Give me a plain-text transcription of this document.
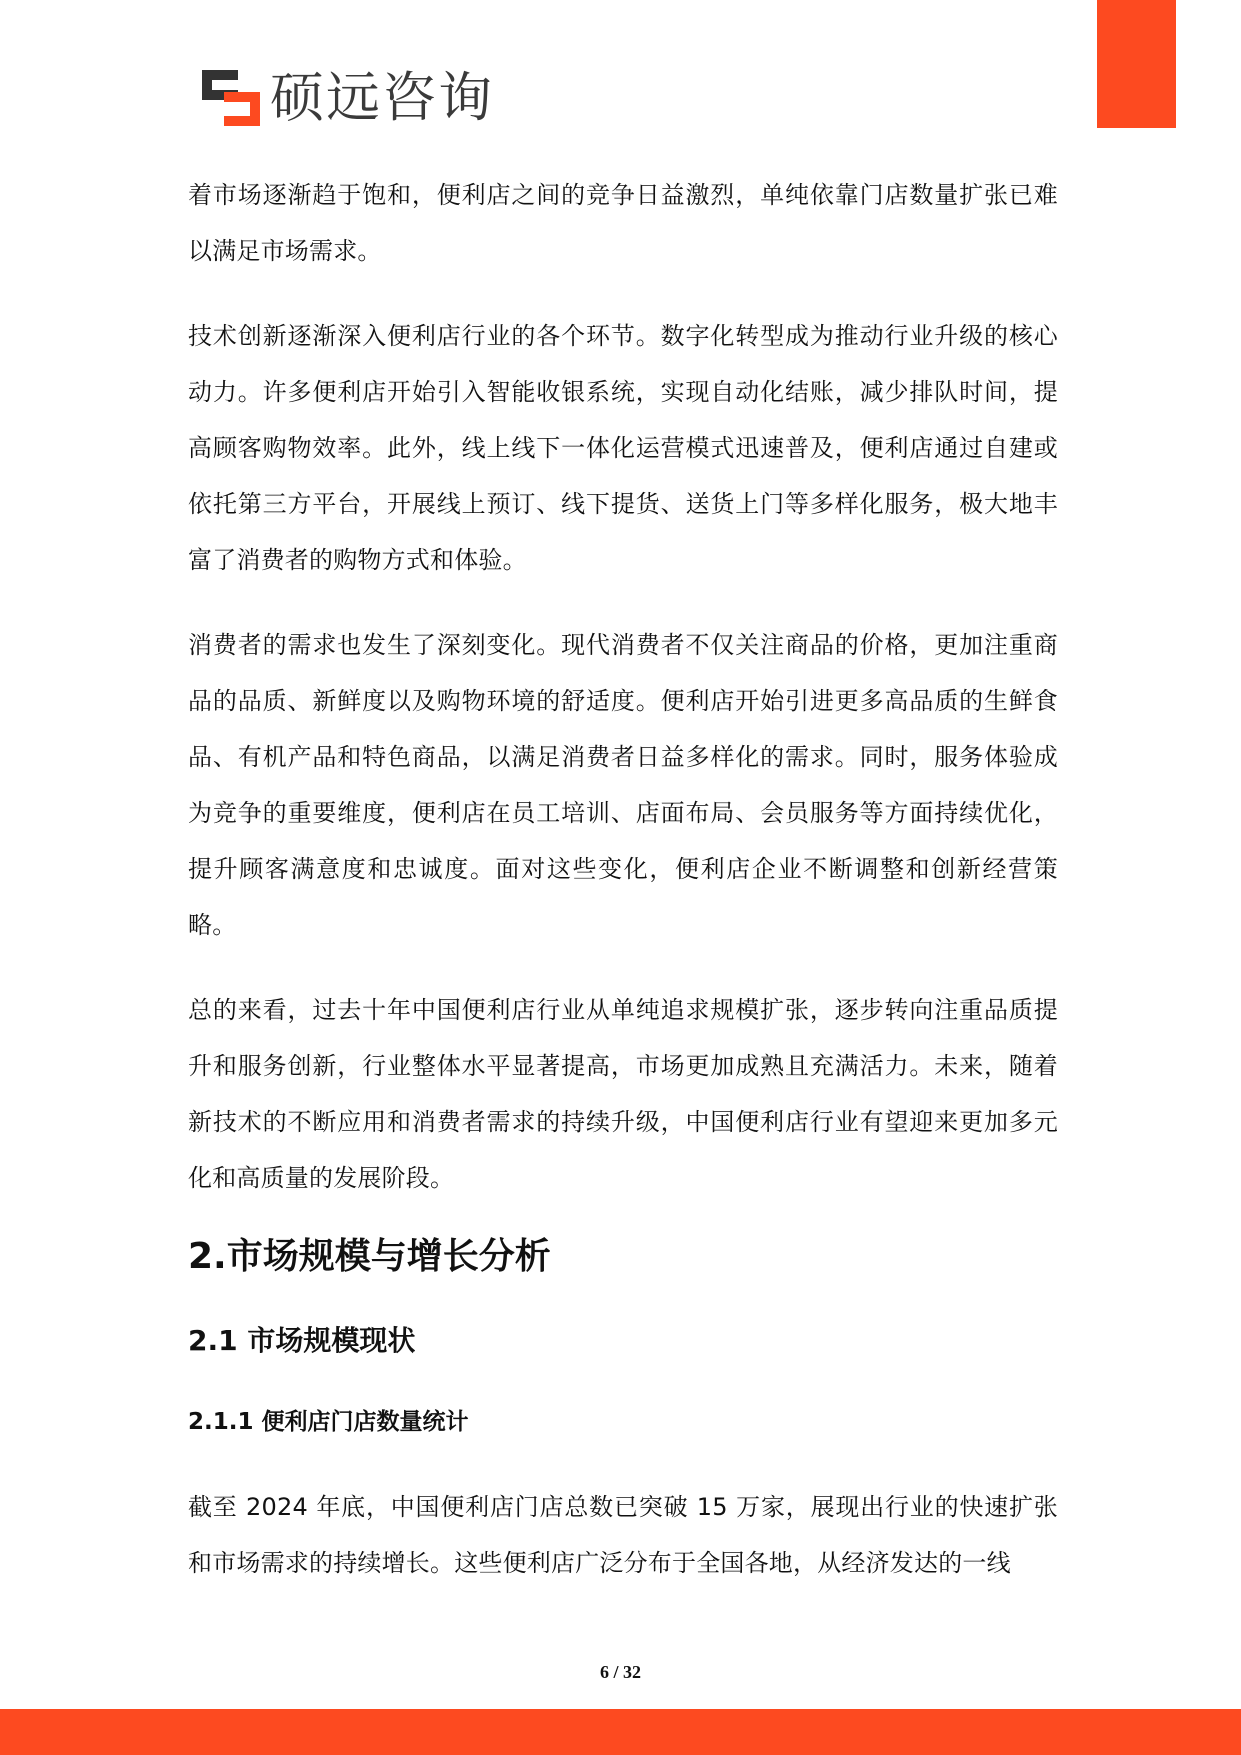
硕远咨询

着市场逐渐趋于饱和，便利店之间的竞争日益激烈，单纯依靠门店数量扩张已难以满足市场需求。

技术创新逐渐深入便利店行业的各个环节。数字化转型成为推动行业升级的核心动力。许多便利店开始引入智能收银系统，实现自动化结账，减少排队时间，提高顾客购物效率。此外，线上线下一体化运营模式迅速普及，便利店通过自建或依托第三方平台，开展线上预订、线下提货、送货上门等多样化服务，极大地丰富了消费者的购物方式和体验。

消费者的需求也发生了深刻变化。现代消费者不仅关注商品的价格，更加注重商品的品质、新鲜度以及购物环境的舒适度。便利店开始引进更多高品质的生鲜食品、有机产品和特色商品，以满足消费者日益多样化的需求。同时，服务体验成为竞争的重要维度，便利店在员工培训、店面布局、会员服务等方面持续优化，提升顾客满意度和忠诚度。面对这些变化，便利店企业不断调整和创新经营策略。

总的来看，过去十年中国便利店行业从单纯追求规模扩张，逐步转向注重品质提升和服务创新，行业整体水平显著提高，市场更加成熟且充满活力。未来，随着新技术的不断应用和消费者需求的持续升级，中国便利店行业有望迎来更加多元化和高质量的发展阶段。

2.市场规模与增长分析
2.1 市场规模现状
2.1.1 便利店门店数量统计

截至 2024 年底，中国便利店门店总数已突破 15 万家，展现出行业的快速扩张和市场需求的持续增长。这些便利店广泛分布于全国各地，从经济发达的一线

6 / 32
